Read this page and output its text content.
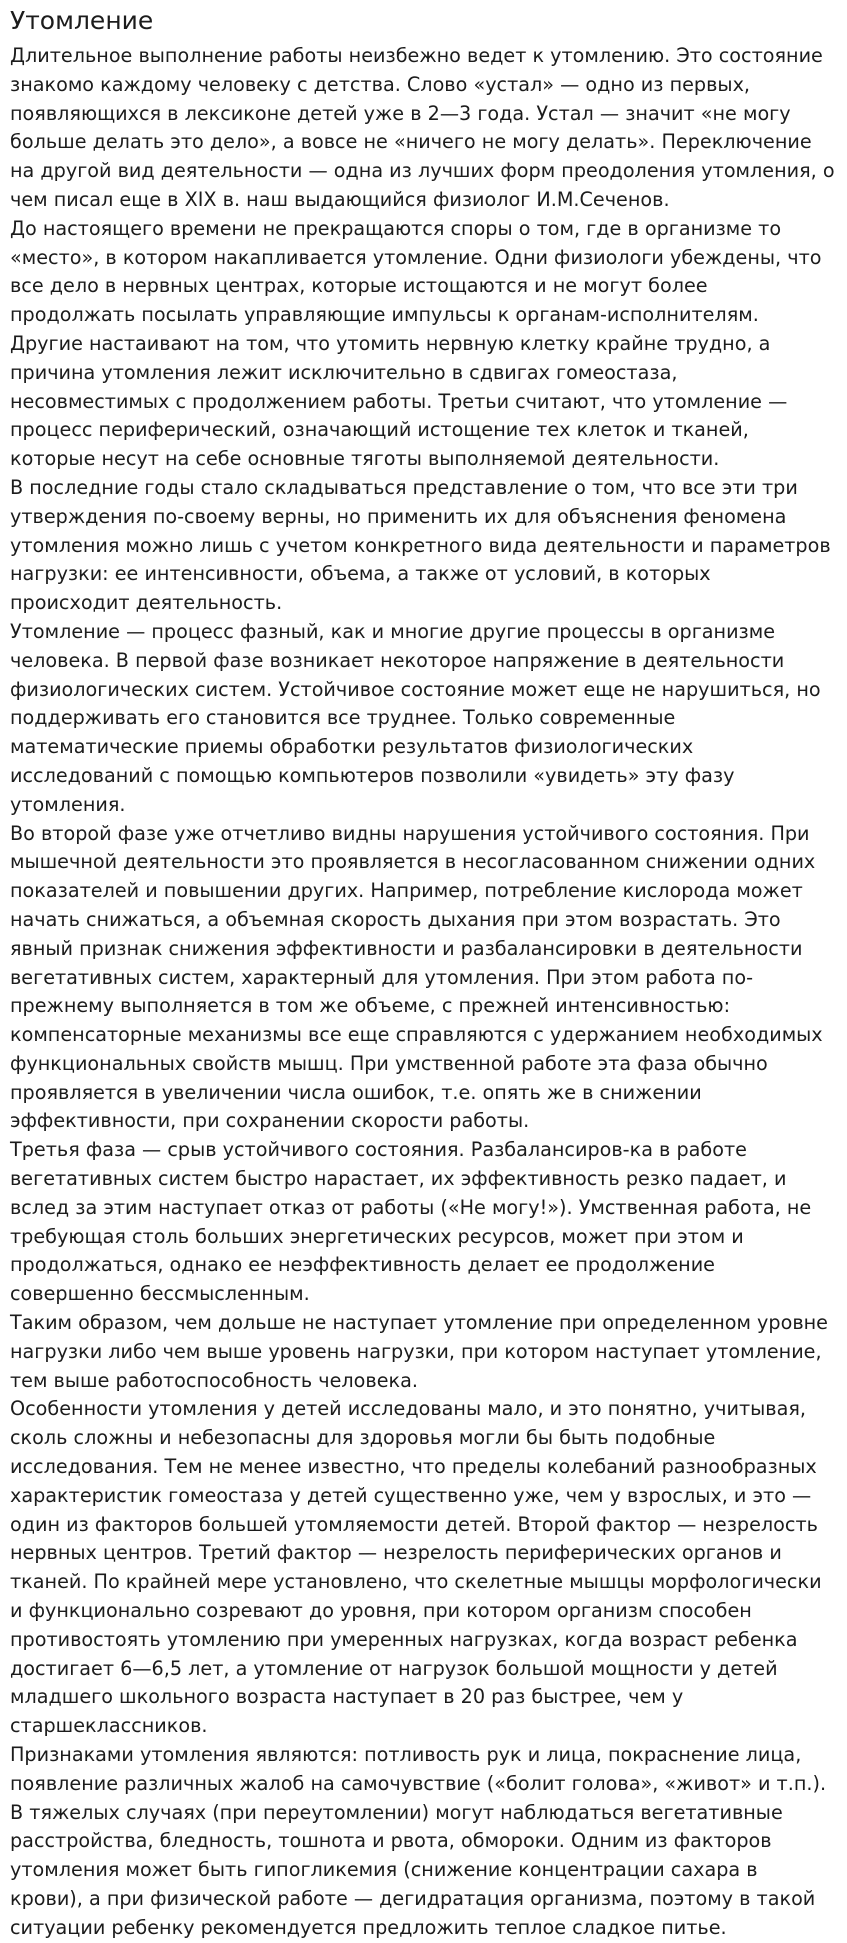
Утомление

Длительное выполнение работы неизбежно ведет к утомлению. Это состояние знакомо каждому человеку с детства. Слово «устал» — одно из первых, появляющихся в лексиконе детей уже в 2—3 года. Устал — значит «не могу больше делать это дело», а вовсе не «ничего не могу делать». Переключение на другой вид деятельности — одна из лучших форм преодоления утомления, о чем писал еще в XIX в. наш выдающийся физиолог И.М.Сеченов.

До настоящего времени не прекращаются споры о том, где в организме то «место», в котором накапливается утомление. Одни физиологи убеждены, что все дело в нервных центрах, которые истощаются и не могут более продолжать посылать управляющие импульсы к органам-исполнителям. Другие настаивают на том, что утомить нервную клетку крайне трудно, а причина утомления лежит исключительно в сдвигах гомеостаза, несовместимых с продолжением работы. Третьи считают, что утомление — процесс периферический, означающий истощение тех клеток и тканей, которые несут на себе основные тяготы выполняемой деятельности.

В последние годы стало складываться представление о том, что все эти три утверждения по-своему верны, но применить их для объяснения феномена утомления можно лишь с учетом конкретного вида деятельности и параметров нагрузки: ее интенсивности, объема, а также от условий, в которых происходит деятельность.

Утомление — процесс фазный, как и многие другие процессы в организме человека. В первой фазе возникает некоторое напряжение в деятельности физиологических систем. Устойчивое состояние может еще не нарушиться, но поддерживать его становится все труднее. Только современные математические приемы обработки результатов физиологических исследований с помощью компьютеров позволили «увидеть» эту фазу утомления.

Во второй фазе уже отчетливо видны нарушения устойчивого состояния. При мышечной деятельности это проявляется в несогласованном снижении одних показателей и повышении других. Например, потребление кислорода может начать снижаться, а объемная скорость дыхания при этом возрастать. Это явный признак снижения эффективности и разбалансировки в деятельности вегетативных систем, характерный для утомления. При этом работа по-прежнему выполняется в том же объеме, с прежней интенсивностью: компенсаторные механизмы все еще справляются с удержанием необходимых функциональных свойств мышц. При умственной работе эта фаза обычно проявляется в увеличении числа ошибок, т.е. опять же в снижении эффективности, при сохранении скорости работы.

Третья фаза — срыв устойчивого состояния. Разбалансиров-ка в работе вегетативных систем быстро нарастает, их эффективность резко падает, и вслед за этим наступает отказ от работы («Не могу!»). Умственная работа, не требующая столь больших энергетических ресурсов, может при этом и продолжаться, однако ее неэффективность делает ее продолжение совершенно бессмысленным.

Таким образом, чем дольше не наступает утомление при определенном уровне нагрузки либо чем выше уровень нагрузки, при котором наступает утомление, тем выше работоспособность человека.

Особенности утомления у детей исследованы мало, и это понятно, учитывая, сколь сложны и небезопасны для здоровья могли бы быть подобные исследования. Тем не менее известно, что пределы колебаний разнообразных характеристик гомеостаза у детей существенно уже, чем у взрослых, и это — один из факторов большей утомляемости детей. Второй фактор — незрелость нервных центров. Третий фактор — незрелость периферических органов и тканей. По крайней мере установлено, что скелетные мышцы морфологически и функционально созревают до уровня, при котором организм способен противостоять утомлению при умеренных нагрузках, когда возраст ребенка достигает 6—6,5 лет, а утомление от нагрузок большой мощности у детей младшего школьного возраста наступает в 20 раз быстрее, чем у старшеклассников.

Признаками утомления являются: потливость рук и лица, покраснение лица, появление различных жалоб на самочувствие («болит голова», «живот» и т.п.). В тяжелых случаях (при переутомлении) могут наблюдаться вегетативные расстройства, бледность, тошнота и рвота, обмороки. Одним из факторов утомления может быть гипогликемия (снижение концентрации сахара в крови), а при физической работе — дегидратация организма, поэтому в такой ситуации ребенку рекомендуется предложить теплое сладкое питье.
